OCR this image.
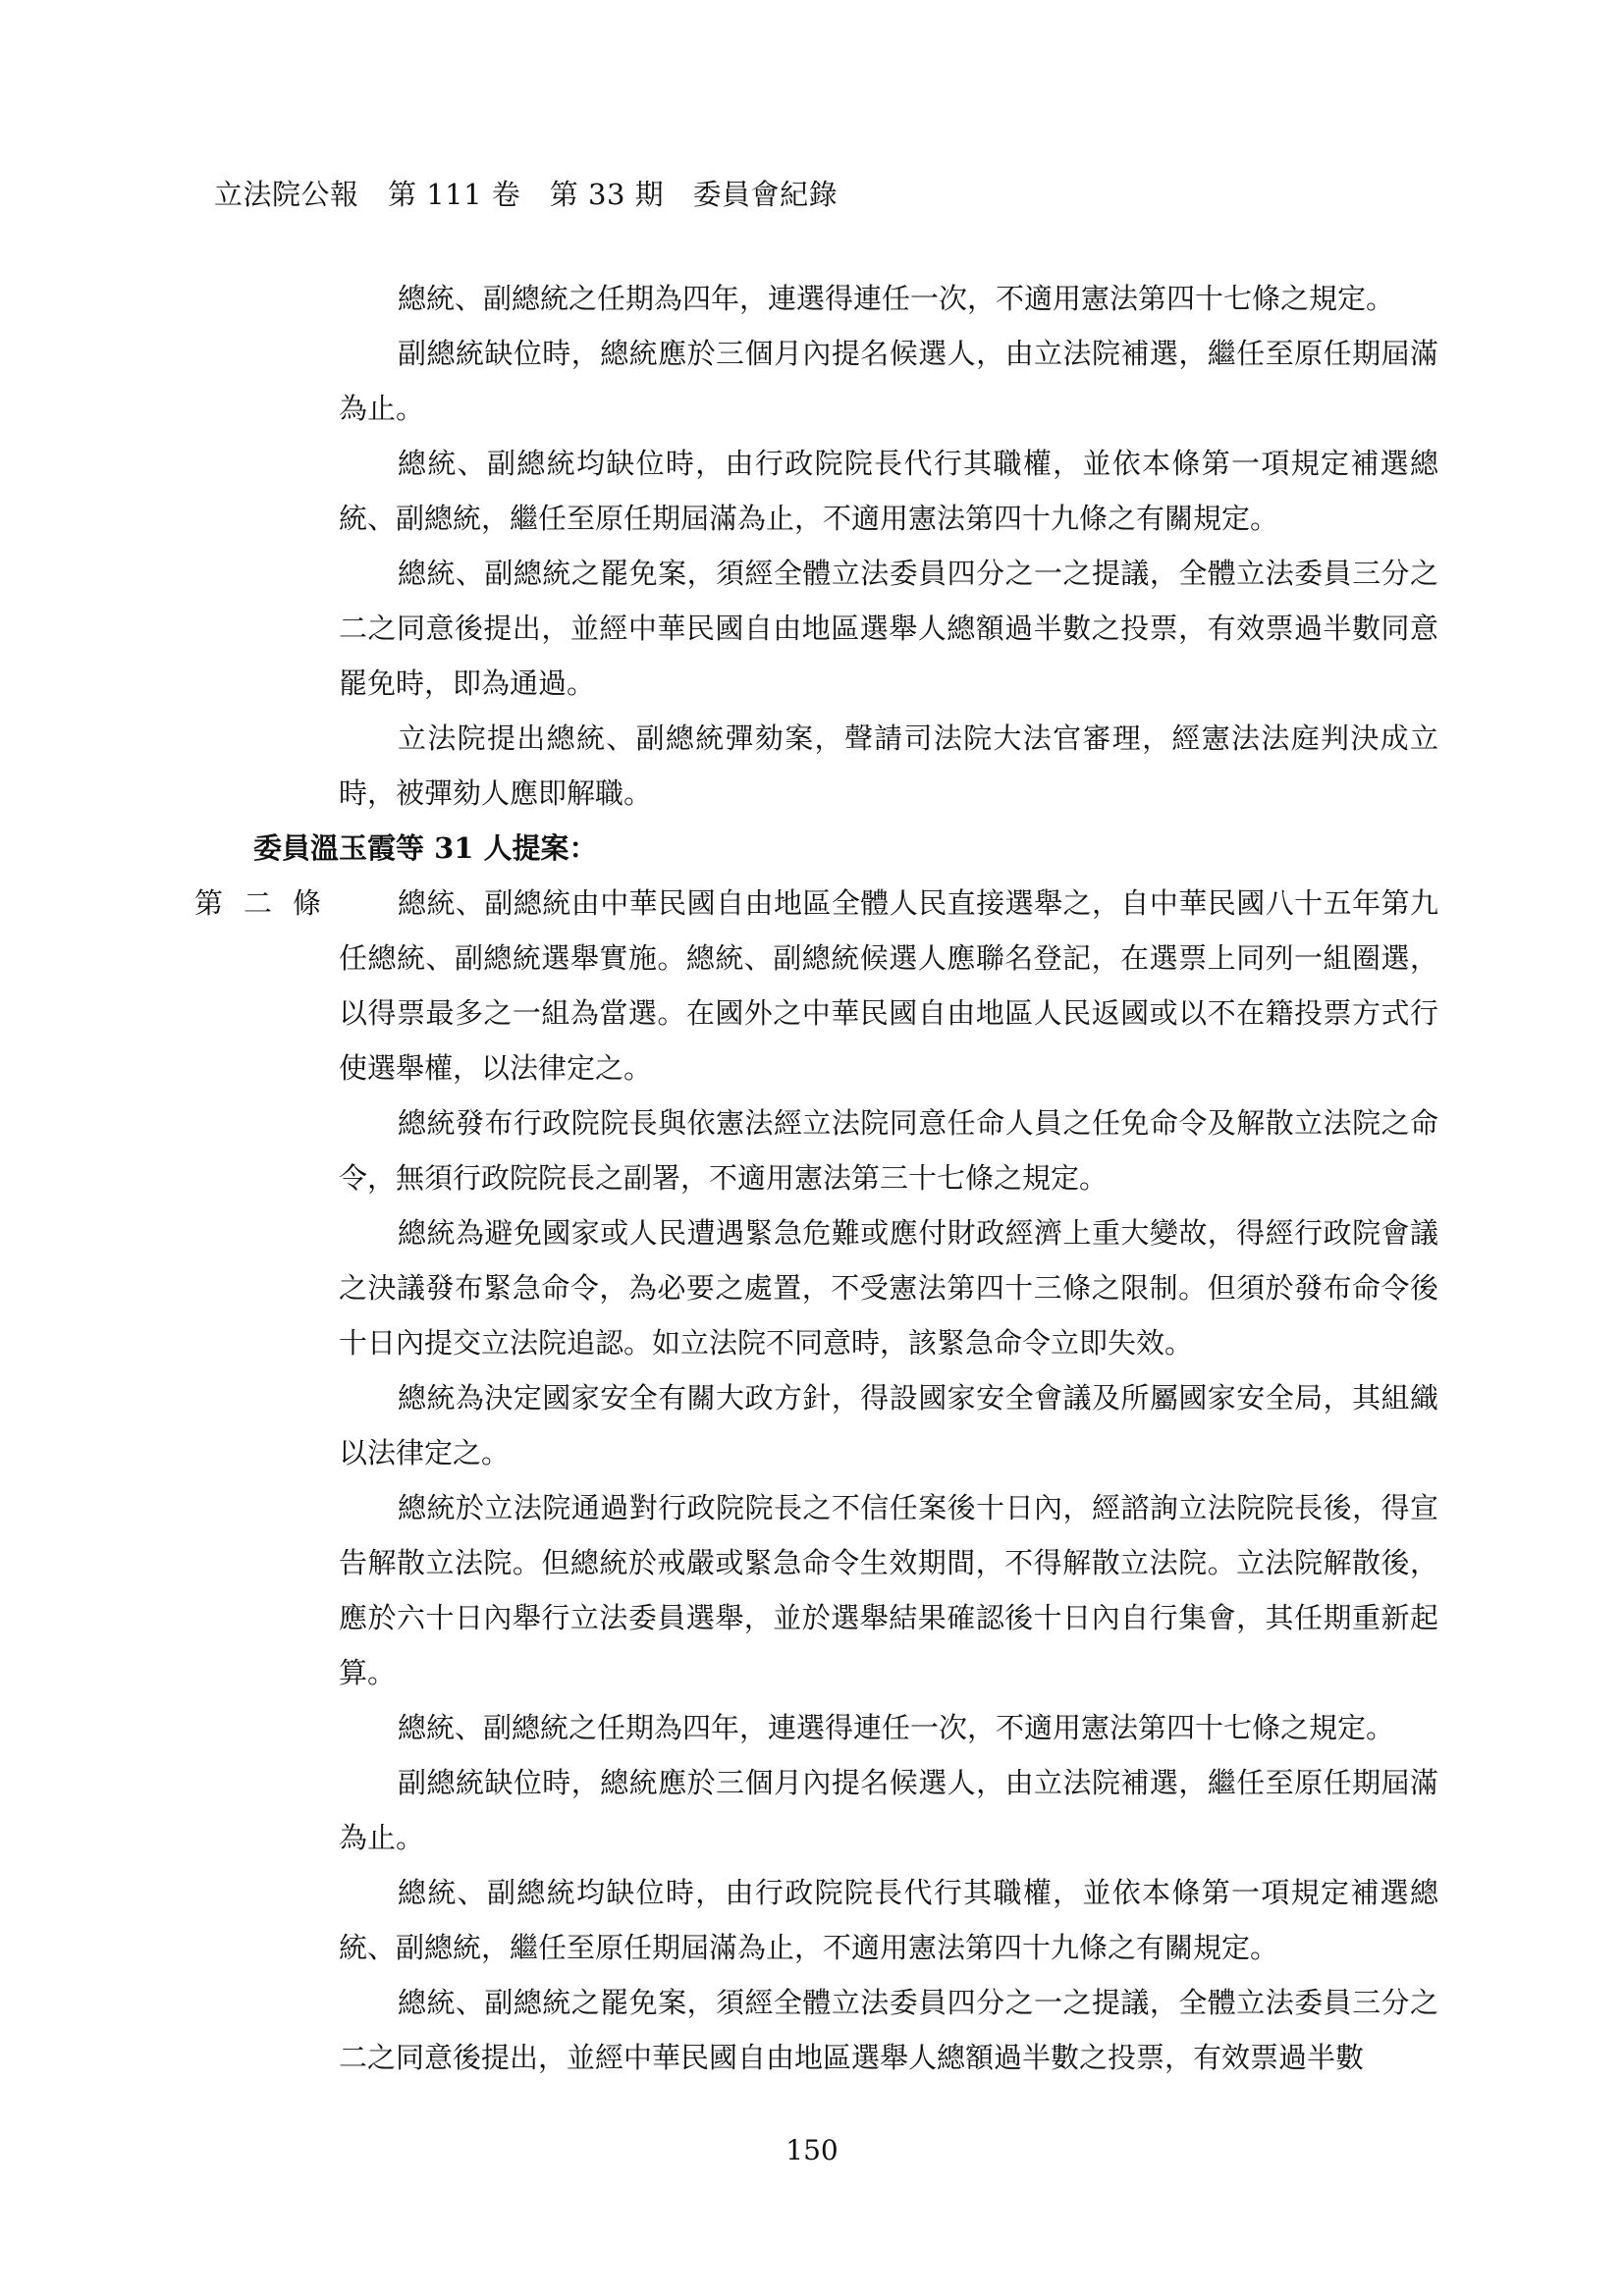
立法院公報　第 111 卷　第 33 期　委員會紀錄

總統、副總統之任期為四年，連選得連任一次，不適用憲法第四十七條之規定。

副總統缺位時，總統應於三個月內提名候選人，由立法院補選，繼任至原任期屆滿為止。

總統、副總統均缺位時，由行政院院長代行其職權，並依本條第一項規定補選總統、副總統，繼任至原任期屆滿為止，不適用憲法第四十九條之有關規定。

總統、副總統之罷免案，須經全體立法委員四分之一之提議，全體立法委員三分之二之同意後提出，並經中華民國自由地區選舉人總額過半數之投票，有效票過半數同意罷免時，即為通過。

立法院提出總統、副總統彈劾案，聲請司法院大法官審理，經憲法法庭判決成立時，被彈劾人應即解職。

委員溫玉霞等 31 人提案：

第 二 條	總統、副總統由中華民國自由地區全體人民直接選舉之，自中華民國八十五年第九任總統、副總統選舉實施。總統、副總統候選人應聯名登記，在選票上同列一組圈選，以得票最多之一組為當選。在國外之中華民國自由地區人民返國或以不在籍投票方式行使選舉權，以法律定之。

總統發布行政院院長與依憲法經立法院同意任命人員之任免命令及解散立法院之命令，無須行政院院長之副署，不適用憲法第三十七條之規定。

總統為避免國家或人民遭遇緊急危難或應付財政經濟上重大變故，得經行政院會議之決議發布緊急命令，為必要之處置，不受憲法第四十三條之限制。但須於發布命令後十日內提交立法院追認。如立法院不同意時，該緊急命令立即失效。

總統為決定國家安全有關大政方針，得設國家安全會議及所屬國家安全局，其組織以法律定之。

總統於立法院通過對行政院院長之不信任案後十日內，經諮詢立法院院長後，得宣告解散立法院。但總統於戒嚴或緊急命令生效期間，不得解散立法院。立法院解散後，應於六十日內舉行立法委員選舉，並於選舉結果確認後十日內自行集會，其任期重新起算。

總統、副總統之任期為四年，連選得連任一次，不適用憲法第四十七條之規定。

副總統缺位時，總統應於三個月內提名候選人，由立法院補選，繼任至原任期屆滿為止。

總統、副總統均缺位時，由行政院院長代行其職權，並依本條第一項規定補選總統、副總統，繼任至原任期屆滿為止，不適用憲法第四十九條之有關規定。

總統、副總統之罷免案，須經全體立法委員四分之一之提議，全體立法委員三分之二之同意後提出，並經中華民國自由地區選舉人總額過半數之投票，有效票過半數

150
